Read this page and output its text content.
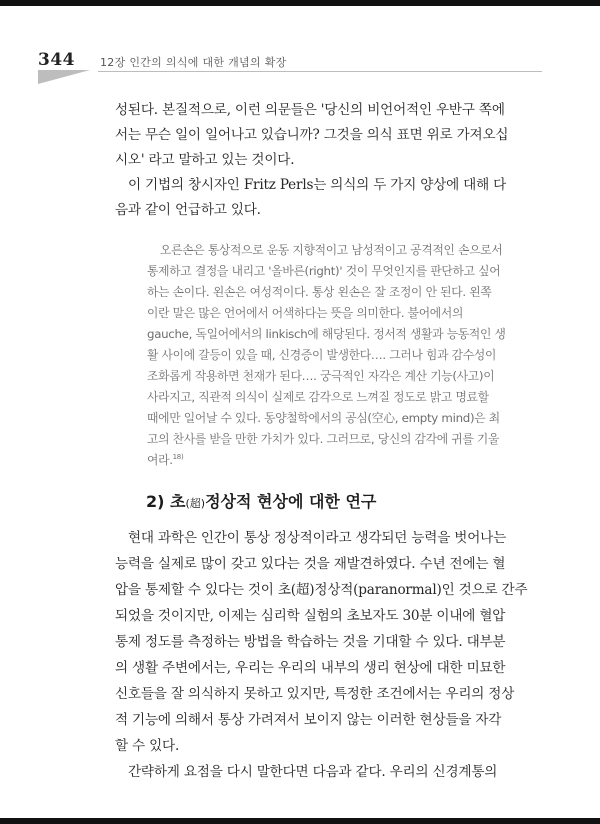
344 12장 인간의 의식에 대한 개념의 확장
성된다. 본질적으로, 이런 의문들은 '당신의 비언어적인 우반구 쪽에
서는 무슨 일이 일어나고 있습니까? 그것을 의식 표면 위로 가져오십
시오' 라고 말하고 있는 것이다.
이 기법의 창시자인 Fritz Perls는 의식의 두 가지 양상에 대해 다
음과 같이 언급하고 있다.
오른손은 통상적으로 운동 지향적이고 남성적이고 공격적인 손으로서
통제하고 결정을 내리고 '올바른(right)' 것이 무엇인지를 판단하고 싶어
하는 손이다. 왼손은 여성적이다. 통상 왼손은 잘 조정이 안 된다. 왼쪽
이란 말은 많은 언어에서 어색하다는 뜻을 의미한다. 불어에서의
gauche, 독일어에서의 linkisch에 해당된다. 정서적 생활과 능동적인 생
활 사이에 갈등이 있을 때, 신경증이 발생한다…. 그러나 힘과 감수성이
조화롭게 작용하면 천재가 된다…. 궁극적인 자각은 계산 기능(사고)이
사라지고, 직관적 의식이 실제로 감각으로 느껴질 정도로 밝고 명료할
때에만 일어날 수 있다. 동양철학에서의 공심(空心, empty mind)은 최
고의 찬사를 받을 만한 가치가 있다. 그러므로, 당신의 감각에 귀를 기울
여라.$^{18)}$
2) 초(超)정상적 현상에 대한 연구
현대 과학은 인간이 통상 정상적이라고 생각되던 능력을 벗어나는
능력을 실제로 많이 갖고 있다는 것을 재발견하였다. 수년 전에는 혈
압을 통제할 수 있다는 것이 초(超)정상적(paranormal)인 것으로 간주
되었을 것이지만, 이제는 심리학 실험의 초보자도 30분 이내에 혈압
통제 정도를 측정하는 방법을 학습하는 것을 기대할 수 있다. 대부분
의 생활 주변에서는, 우리는 우리의 내부의 생리 현상에 대한 미묘한
신호들을 잘 의식하지 못하고 있지만, 특정한 조건에서는 우리의 정상
적 기능에 의해서 통상 가려져서 보이지 않는 이러한 현상들을 자각
할 수 있다.
간략하게 요점을 다시 말한다면 다음과 같다. 우리의 신경계통의
